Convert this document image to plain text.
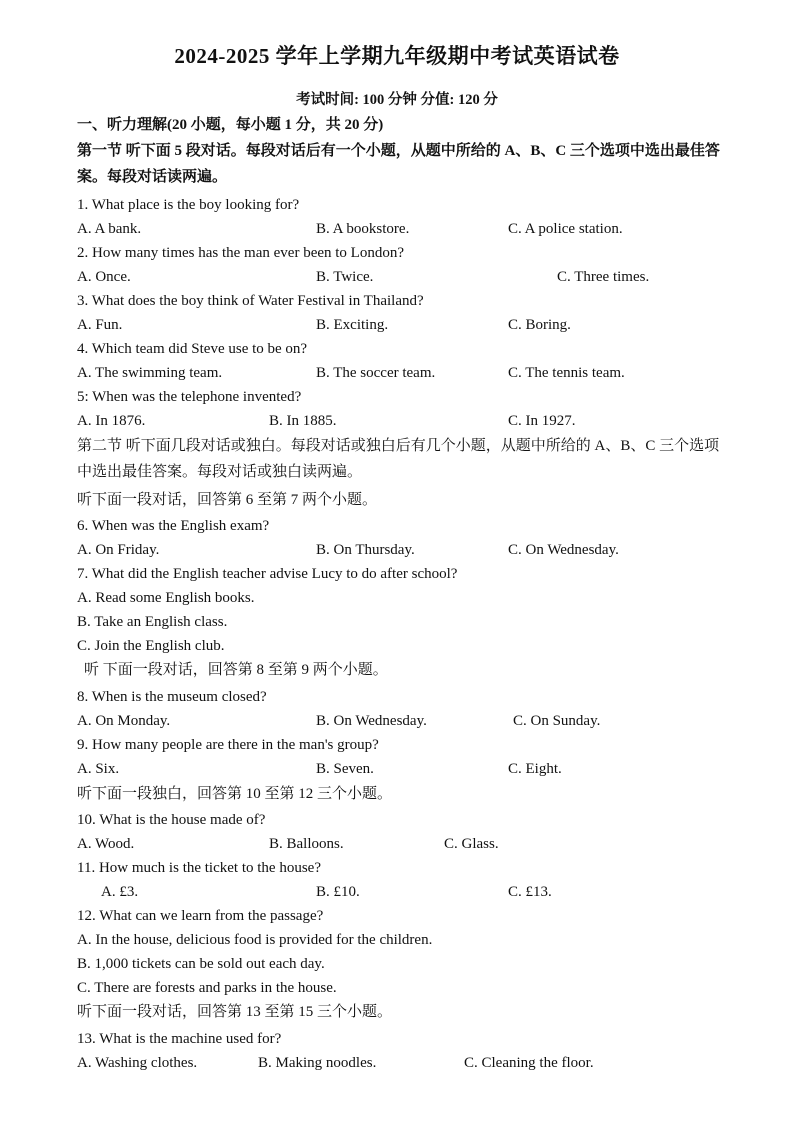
2024-2025 学年上学期九年级期中考试英语试卷
考试时间: 100 分钟 分值: 120 分
一、听力理解(20 小题，每小题 1 分，共 20 分)
第一节 听下面 5 段对话。每段对话后有一个小题，从题中所给的 A、B、C 三个选项中选出最佳答案。每段对话读两遍。
1. What place is the boy looking for?
A. A bank.	B. A bookstore.	C. A police station.
2. How many times has the man ever been to London?
A. Once.	B. Twice.	C. Three times.
3. What does the boy think of Water Festival in Thailand?
A. Fun.	B. Exciting.	C. Boring.
4. Which team did Steve use to be on?
A. The swimming team.	B. The soccer team.	C. The tennis team.
5: When was the telephone invented?
A. In 1876.	B. In 1885.	C. In 1927.
第二节 听下面几段对话或独白。每段对话或独白后有几个小题，从题中所给的 A、B、C 三个选项中选出最佳答案。每段对话或独白读两遍。
听下面一段对话，回答第 6 至第 7 两个小题。
6. When was the English exam?
A. On Friday.	B. On Thursday.	C. On Wednesday.
7. What did the English teacher advise Lucy to do after school?
A. Read some English books.
B. Take an English class.
C. Join the English club.
听 下面一段对话，回答第 8 至第 9 两个小题。
8. When is the museum closed?
A. On Monday.	B. On Wednesday.	C. On Sunday.
9. How many people are there in the man's group?
A. Six.	B. Seven.	C. Eight.
听下面一段独白，回答第 10 至第 12 三个小题。
10. What is the house made of?
A. Wood.	B. Balloons.	C. Glass.
11. How much is the ticket to the house?
A. £3.	B. £10.	C. £13.
12. What can we learn from the passage?
A. In the house, delicious food is provided for the children.
B. 1,000 tickets can be sold out each day.
C. There are forests and parks in the house.
听下面一段对话，回答第 13 至第 15 三个小题。
13. What is the machine used for?
A. Washing clothes.	B. Making noodles.	C. Cleaning the floor.
